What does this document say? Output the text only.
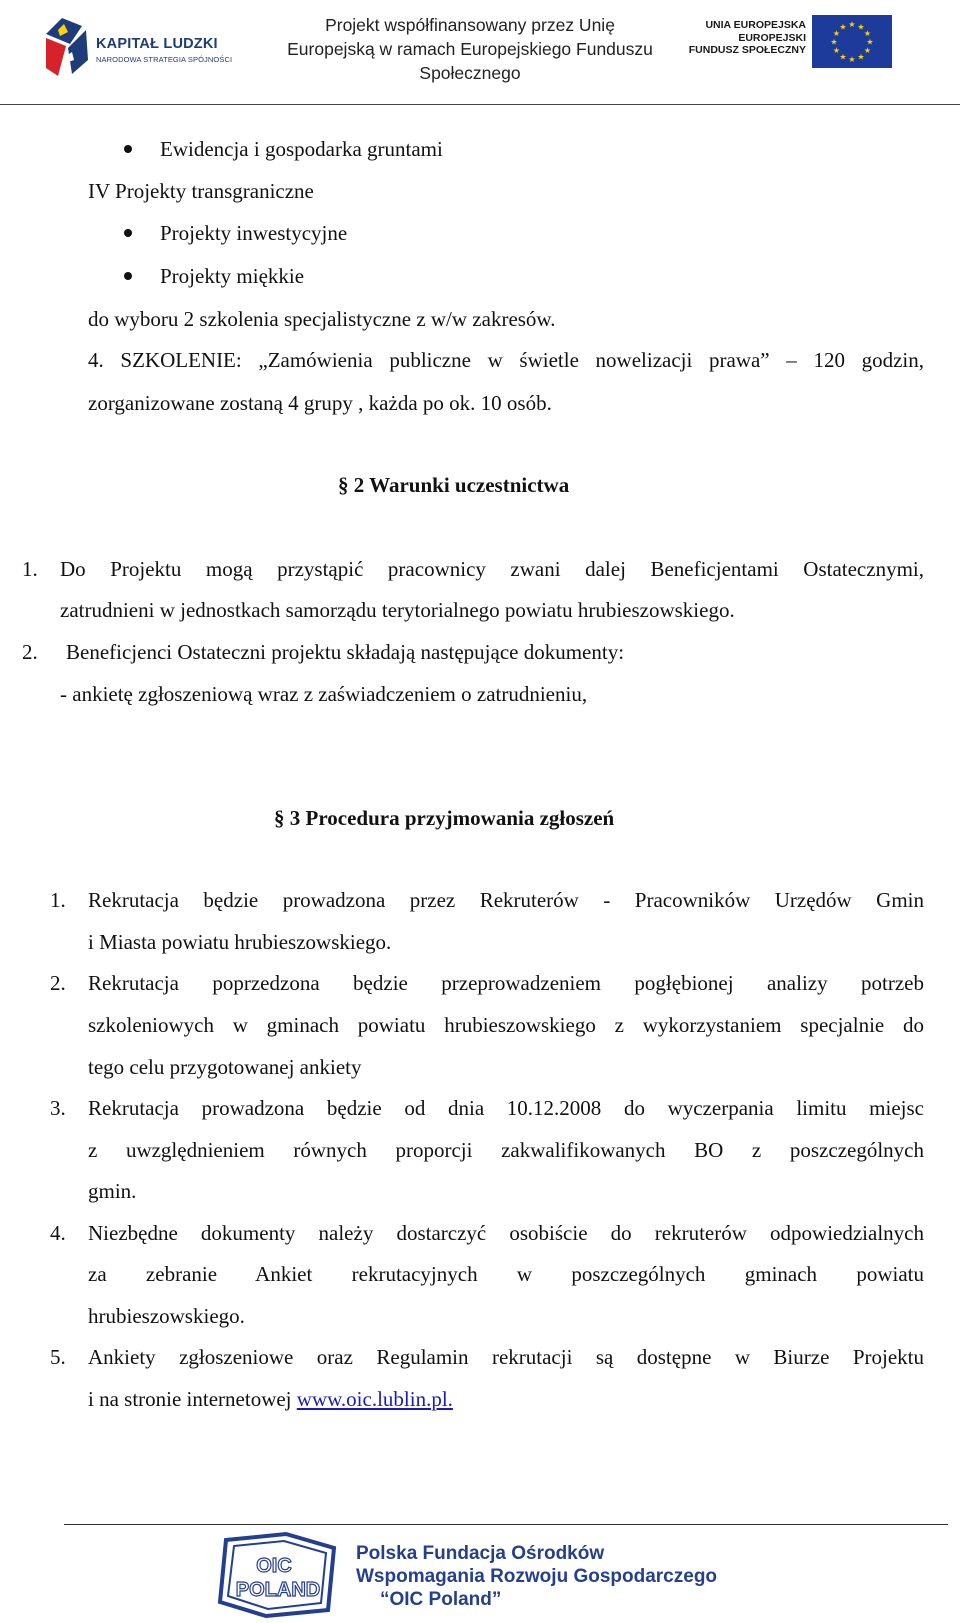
KAPITAŁ LUDZKI
NARODOWA STRATEGIA SPÓJNOŚCI
Projekt współfinansowany przez Unię
Europejską w ramach Europejskiego Funduszu
Społecznego
UNIA EUROPEJSKA
EUROPEJSKI
FUNDUSZ SPOŁECZNY
★ ★
★
★
★
★
★
★
★
★
★
★
Ewidencja i gospodarka gruntami
IV Projekty transgraniczne
Projekty inwestycyjne
Projekty miękkie
do wyboru 2 szkolenia specjalistyczne z w/w zakresów.
4. SZKOLENIE: „Zamówienia publiczne w świetle nowelizacji prawa” – 120 godzin,
zorganizowane zostaną 4 grupy , każda po ok. 10 osób.
§ 2 Warunki uczestnictwa
1. Do Projektu mogą przystąpić pracownicy zwani dalej Beneficjentami Ostatecznymi,
zatrudnieni w jednostkach samorządu terytorialnego powiatu hrubieszowskiego.
2. Beneficjenci Ostateczni projektu składają następujące dokumenty:
- ankietę zgłoszeniową wraz z zaświadczeniem o zatrudnieniu,
§ 3 Procedura przyjmowania zgłoszeń
1. Rekrutacja będzie prowadzona przez Rekruterów - Pracowników Urzędów Gmin
i Miasta powiatu hrubieszowskiego.
2. Rekrutacja poprzedzona będzie przeprowadzeniem pogłębionej analizy potrzeb
szkoleniowych w gminach powiatu hrubieszowskiego z wykorzystaniem specjalnie do
tego celu przygotowanej ankiety
3. Rekrutacja prowadzona będzie od dnia 10.12.2008 do wyczerpania limitu miejsc
z uwzględnieniem równych proporcji zakwalifikowanych BO z poszczególnych
gmin.
4. Niezbędne dokumenty należy dostarczyć osobiście do rekruterów odpowiedzialnych
za zebranie Ankiet rekrutacyjnych w poszczególnych gminach powiatu
hrubieszowskiego.
5. Ankiety zgłoszeniowe oraz Regulamin rekrutacji są dostępne w Biurze Projektu
i na stronie internetowej www.oic.lublin.pl.
OIC
POLAND
Polska Fundacja Ośrodków
Wspomagania Rozwoju Gospodarczego
“OIC Poland”
